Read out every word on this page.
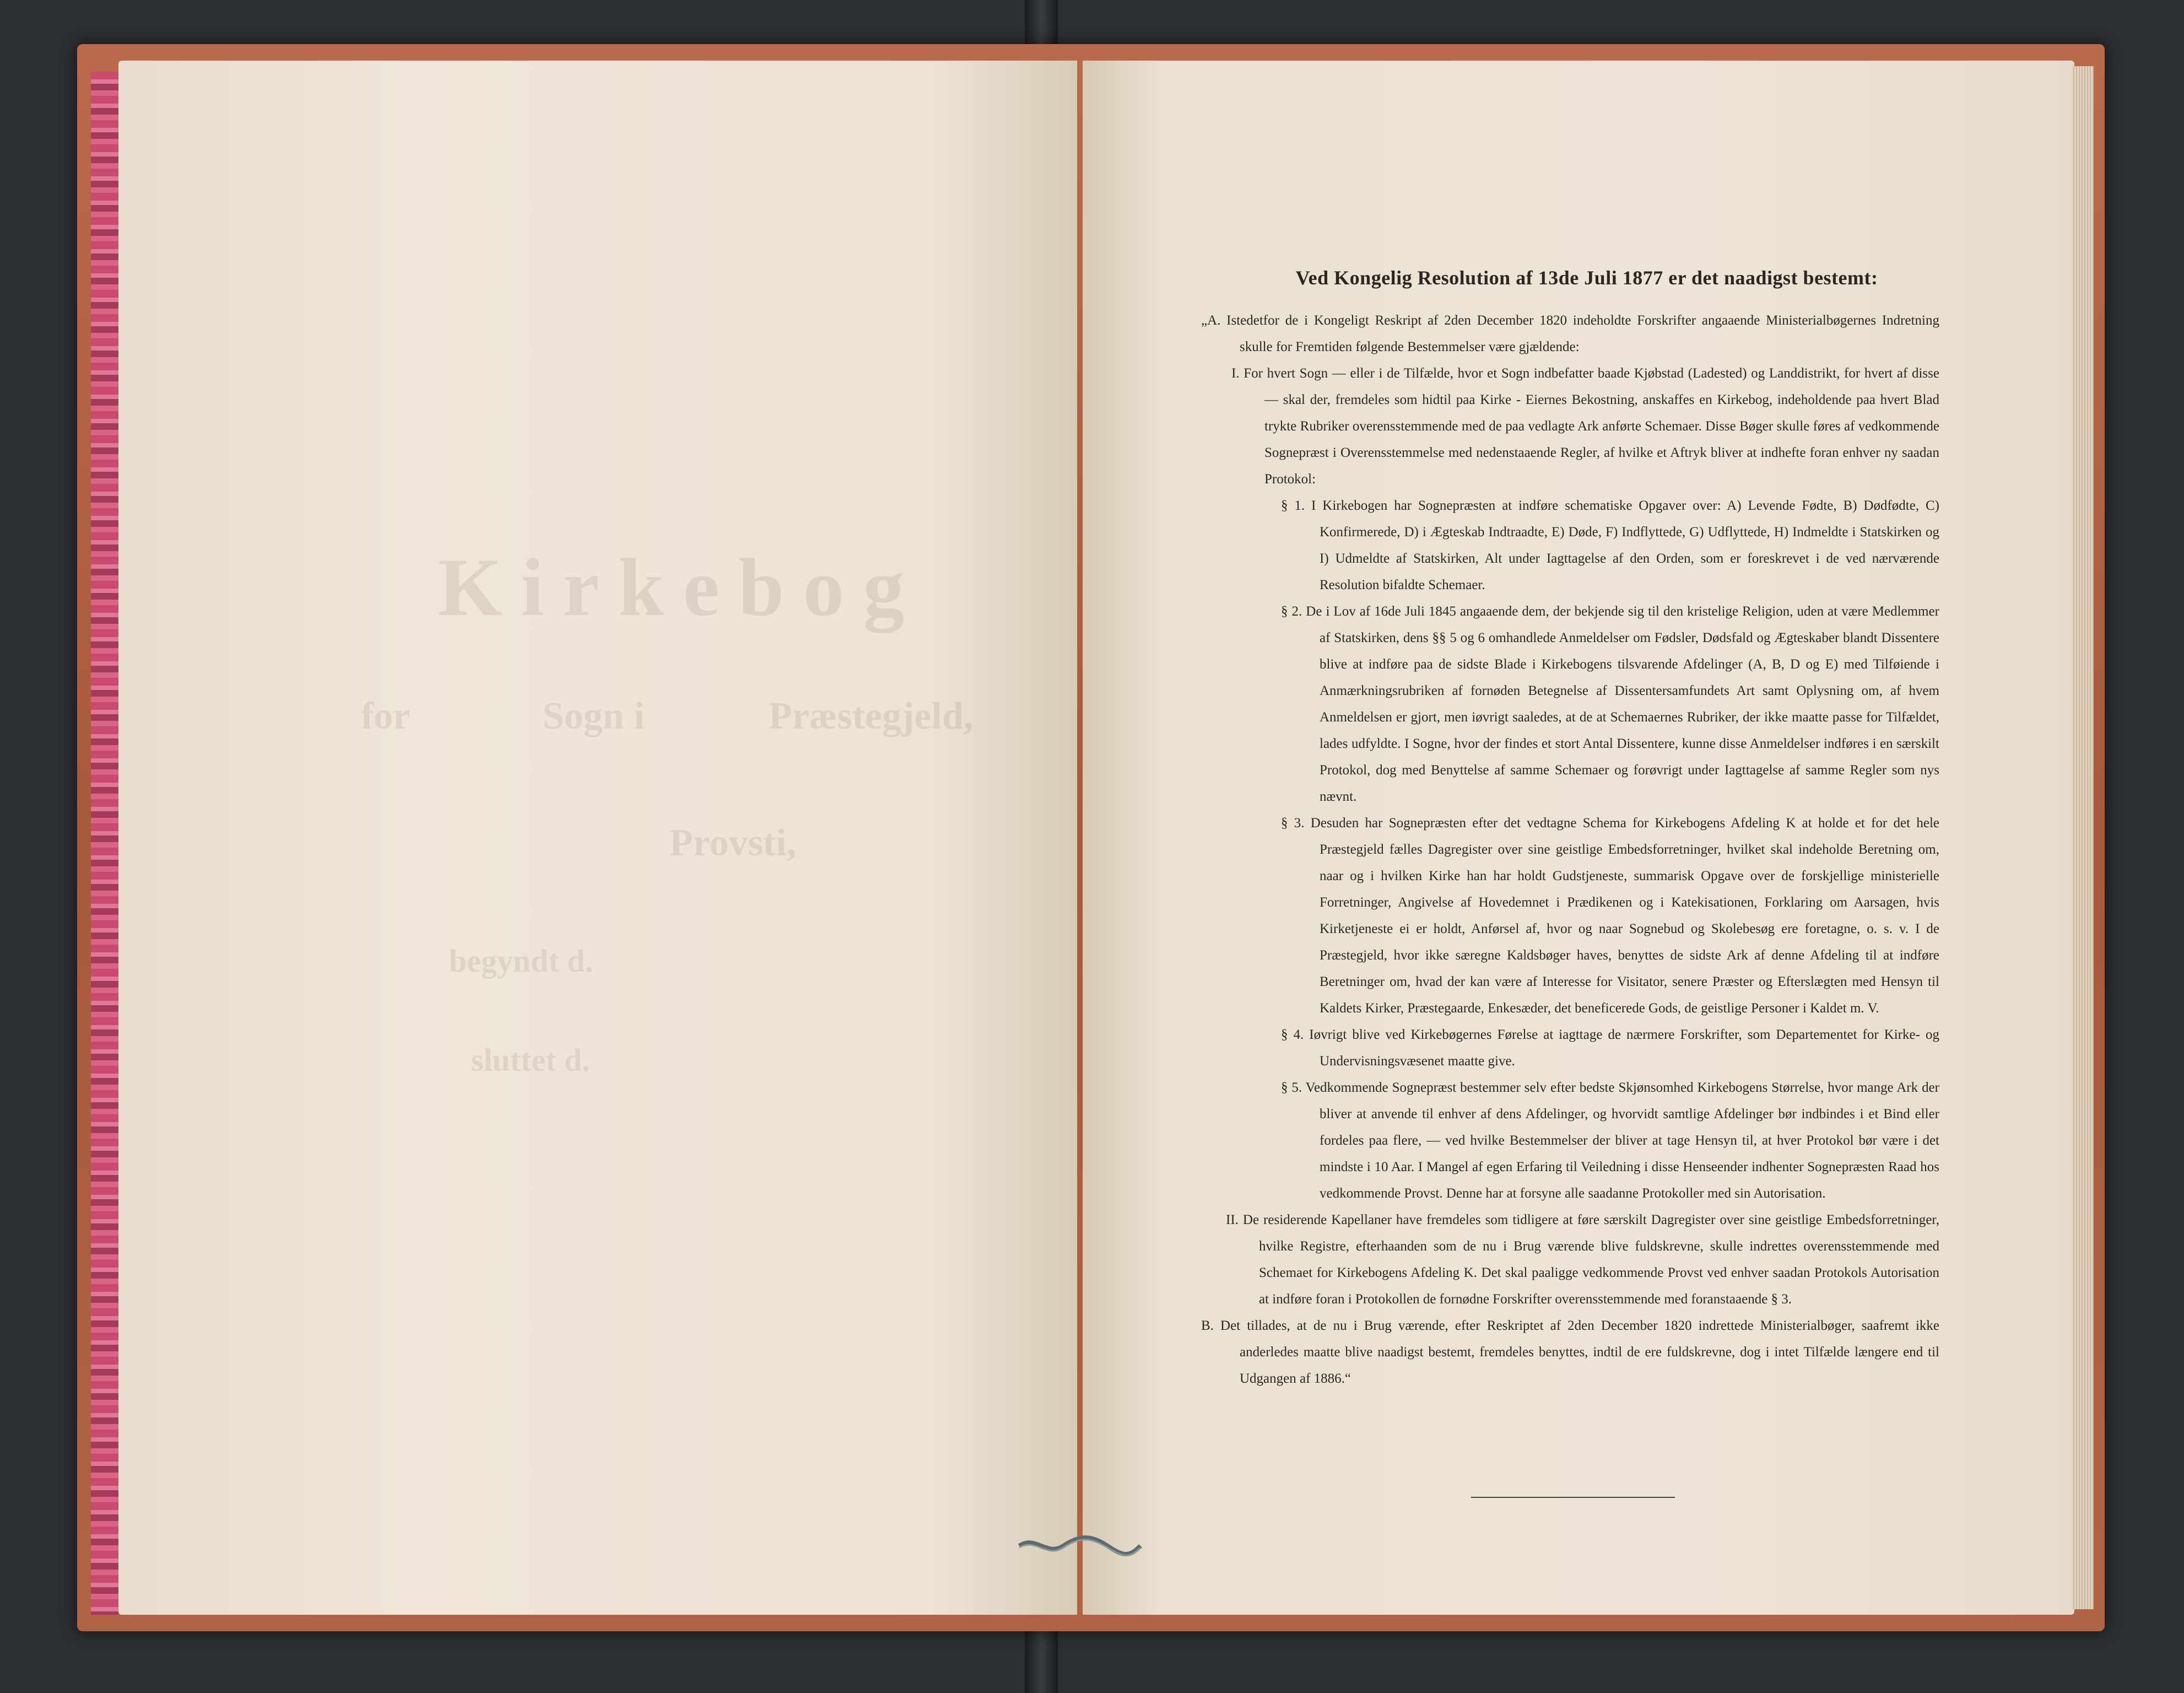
Kirkebog
for	Sogn i	Præstegjeld,
Provsti,
begyndt d.
sluttet d.
Ved Kongelig Resolution af 13de Juli 1877 er det naadigst bestemt:

„A. Istedetfor de i Kongeligt Reskript af 2den December 1820 indeholdte Forskrifter angaaende Ministerialbøgernes Indretning skulle for Fremtiden følgende Bestemmelser være gjældende:

I. For hvert Sogn — eller i de Tilfælde, hvor et Sogn indbefatter baade Kjøbstad (Ladested) og Landdistrikt, for hvert af disse — skal der, fremdeles som hidtil paa Kirke - Eiernes Bekostning, anskaffes en Kirkebog, indeholdende paa hvert Blad trykte Rubriker overensstemmende med de paa vedlagte Ark anførte Schemaer. Disse Bøger skulle føres af vedkommende Sognepræst i Overensstemmelse med nedenstaaende Regler, af hvilke et Aftryk bliver at indhefte foran enhver ny saadan Protokol:

§ 1. I Kirkebogen har Sognepræsten at indføre schematiske Opgaver over: A) Levende Fødte, B) Dødfødte, C) Konfirmerede, D) i Ægteskab Indtraadte, E) Døde, F) Indflyttede, G) Udflyttede, H) Indmeldte i Statskirken og I) Udmeldte af Statskirken, Alt under Iagttagelse af den Orden, som er foreskrevet i de ved nærværende Resolution bifaldte Schemaer.

§ 2. De i Lov af 16de Juli 1845 angaaende dem, der bekjende sig til den kristelige Religion, uden at være Medlemmer af Statskirken, dens §§ 5 og 6 omhandlede Anmeldelser om Fødsler, Dødsfald og Ægteskaber blandt Dissentere blive at indføre paa de sidste Blade i Kirkebogens tilsvarende Afdelinger (A, B, D og E) med Tilføiende i Anmærkningsrubriken af fornøden Betegnelse af Dissentersamfundets Art samt Oplysning om, af hvem Anmeldelsen er gjort, men iøvrigt saaledes, at de at Schemaernes Rubriker, der ikke maatte passe for Tilfældet, lades udfyldte. I Sogne, hvor der findes et stort Antal Dissentere, kunne disse Anmeldelser indføres i en særskilt Protokol, dog med Benyttelse af samme Schemaer og forøvrigt under Iagttagelse af samme Regler som nys nævnt.

§ 3. Desuden har Sognepræsten efter det vedtagne Schema for Kirkebogens Afdeling K at holde et for det hele Præstegjeld fælles Dagregister over sine geistlige Embedsforretninger, hvilket skal indeholde Beretning om, naar og i hvilken Kirke han har holdt Gudstjeneste, summarisk Opgave over de forskjellige ministerielle Forretninger, Angivelse af Hovedemnet i Prædikenen og i Katekisationen, Forklaring om Aarsagen, hvis Kirketjeneste ei er holdt, Anførsel af, hvor og naar Sognebud og Skolebesøg ere foretagne, o. s. v. I de Præstegjeld, hvor ikke særegne Kaldsbøger haves, benyttes de sidste Ark af denne Afdeling til at indføre Beretninger om, hvad der kan være af Interesse for Visitator, senere Præster og Efterslægten med Hensyn til Kaldets Kirker, Præstegaarde, Enkesæder, det beneficerede Gods, de geistlige Personer i Kaldet m. V.

§ 4. Iøvrigt blive ved Kirkebøgernes Førelse at iagttage de nærmere Forskrifter, som Departementet for Kirke- og Undervisningsvæsenet maatte give.

§ 5. Vedkommende Sognepræst bestemmer selv efter bedste Skjønsomhed Kirkebogens Størrelse, hvor mange Ark der bliver at anvende til enhver af dens Afdelinger, og hvorvidt samtlige Afdelinger bør indbindes i et Bind eller fordeles paa flere, — ved hvilke Bestemmelser der bliver at tage Hensyn til, at hver Protokol bør være i det mindste i 10 Aar. I Mangel af egen Erfaring til Veiledning i disse Henseender indhenter Sognepræsten Raad hos vedkommende Provst. Denne har at forsyne alle saadanne Protokoller med sin Autorisation.

II. De residerende Kapellaner have fremdeles som tidligere at føre særskilt Dagregister over sine geistlige Embedsforretninger, hvilke Registre, efterhaanden som de nu i Brug værende blive fuldskrevne, skulle indrettes overensstemmende med Schemaet for Kirkebogens Afdeling K. Det skal paaligge vedkommende Provst ved enhver saadan Protokols Autorisation at indføre foran i Protokollen de fornødne Forskrifter overensstemmende med foranstaaende § 3.

B. Det tillades, at de nu i Brug værende, efter Reskriptet af 2den December 1820 indrettede Ministerialbøger, saafremt ikke anderledes maatte blive naadigst bestemt, fremdeles benyttes, indtil de ere fuldskrevne, dog i intet Tilfælde længere end til Udgangen af 1886.“
